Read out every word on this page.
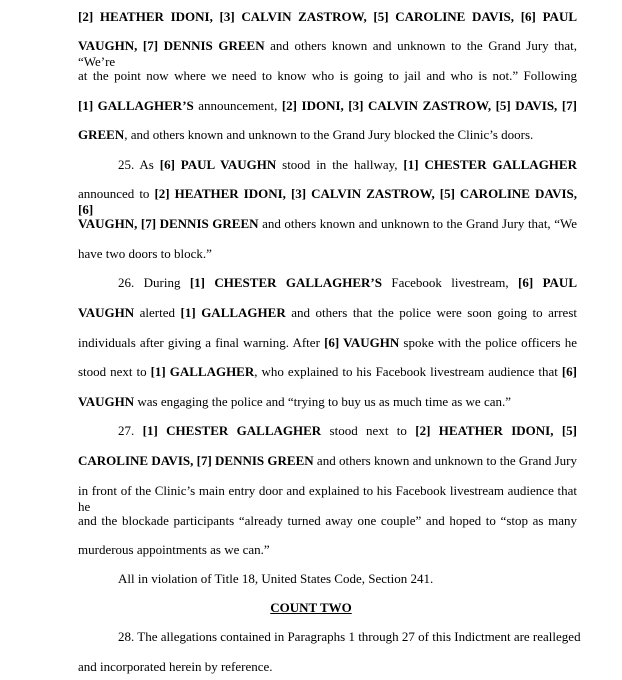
[2] HEATHER IDONI, [3] CALVIN ZASTROW, [5] CAROLINE DAVIS, [6] PAUL
VAUGHN, [7] DENNIS GREEN and others known and unknown to the Grand Jury that, “We’re
at the point now where we need to know who is going to jail and who is not.” Following
[1] GALLAGHER’S announcement, [2] IDONI, [3] CALVIN ZASTROW, [5] DAVIS, [7]
GREEN, and others known and unknown to the Grand Jury blocked the Clinic’s doors.
25. As [6] PAUL VAUGHN stood in the hallway, [1] CHESTER GALLAGHER
announced to [2] HEATHER IDONI, [3] CALVIN ZASTROW, [5] CAROLINE DAVIS, [6]
VAUGHN, [7] DENNIS GREEN and others known and unknown to the Grand Jury that, “We
have two doors to block.”
26. During [1] CHESTER GALLAGHER’S Facebook livestream, [6] PAUL
VAUGHN alerted [1] GALLAGHER and others that the police were soon going to arrest
individuals after giving a final warning. After [6] VAUGHN spoke with the police officers he
stood next to [1] GALLAGHER, who explained to his Facebook livestream audience that [6]
VAUGHN was engaging the police and “trying to buy us as much time as we can.”
27. [1] CHESTER GALLAGHER stood next to [2] HEATHER IDONI, [5]
CAROLINE DAVIS, [7] DENNIS GREEN and others known and unknown to the Grand Jury
in front of the Clinic’s main entry door and explained to his Facebook livestream audience that he
and the blockade participants “already turned away one couple” and hoped to “stop as many
murderous appointments as we can.”
All in violation of Title 18, United States Code, Section 241.
COUNT TWO
28. The allegations contained in Paragraphs 1 through 27 of this Indictment are realleged
and incorporated herein by reference.
